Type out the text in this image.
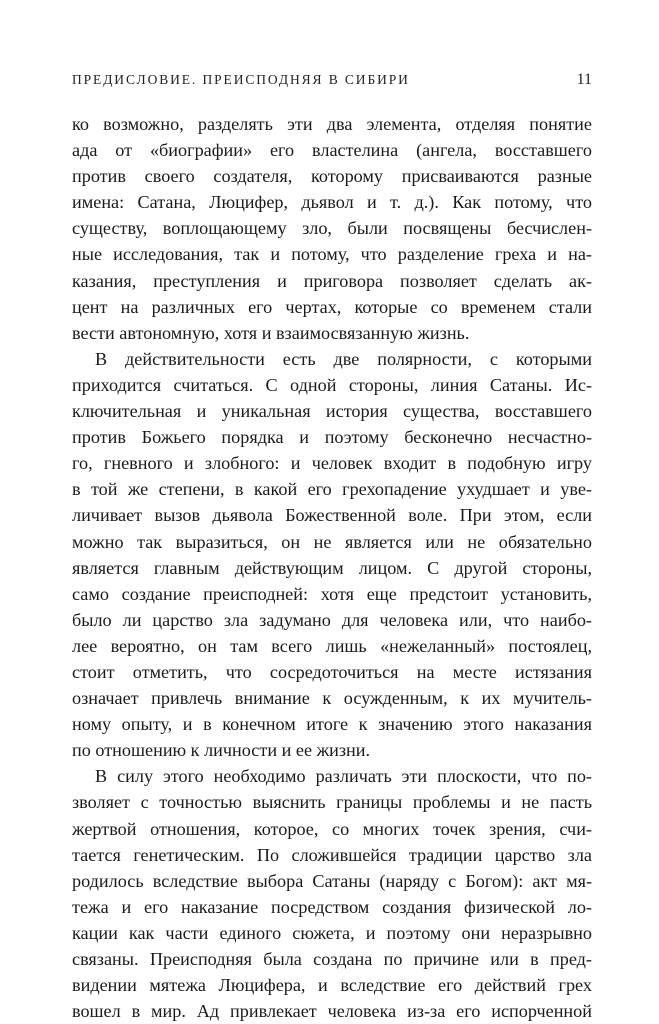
ПРЕДИСЛОВИЕ. ПРЕИСПОДНЯЯ В СИБИРИ	11
ко возможно, разделять эти два элемента, отделяя понятие
ада от «биографии» его властелина (ангела, восставшего
против своего создателя, которому присваиваются разные
имена: Сатана, Люцифер, дьявол и т. д.). Как потому, что
существу, воплощающему зло, были посвящены бесчислен-
ные исследования, так и потому, что разделение греха и на-
казания, преступления и приговора позволяет сделать ак-
цент на различных его чертах, которые со временем стали
вести автономную, хотя и взаимосвязанную жизнь.
В действительности есть две полярности, с которыми
приходится считаться. С одной стороны, линия Сатаны. Ис-
ключительная и уникальная история существа, восставшего
против Божьего порядка и поэтому бесконечно несчастно-
го, гневного и злобного: и человек входит в подобную игру
в той же степени, в какой его грехопадение ухудшает и уве-
личивает вызов дьявола Божественной воле. При этом, если
можно так выразиться, он не является или не обязательно
является главным действующим лицом. С другой стороны,
само создание преисподней: хотя еще предстоит установить,
было ли царство зла задумано для человека или, что наибо-
лее вероятно, он там всего лишь «нежеланный» постоялец,
стоит отметить, что сосредоточиться на месте истязания
означает привлечь внимание к осужденным, к их мучитель-
ному опыту, и в конечном итоге к значению этого наказания
по отношению к личности и ее жизни.
В силу этого необходимо различать эти плоскости, что по-
зволяет с точностью выяснить границы проблемы и не пасть
жертвой отношения, которое, со многих точек зрения, счи-
тается генетическим. По сложившейся традиции царство зла
родилось вследствие выбора Сатаны (наряду с Богом): акт мя-
тежа и его наказание посредством создания физической ло-
кации как части единого сюжета, и поэтому они неразрывно
связаны. Преисподняя была создана по причине или в пред-
видении мятежа Люцифера, и вследствие его действий грех
вошел в мир. Ад привлекает человека из-за его испорченной
